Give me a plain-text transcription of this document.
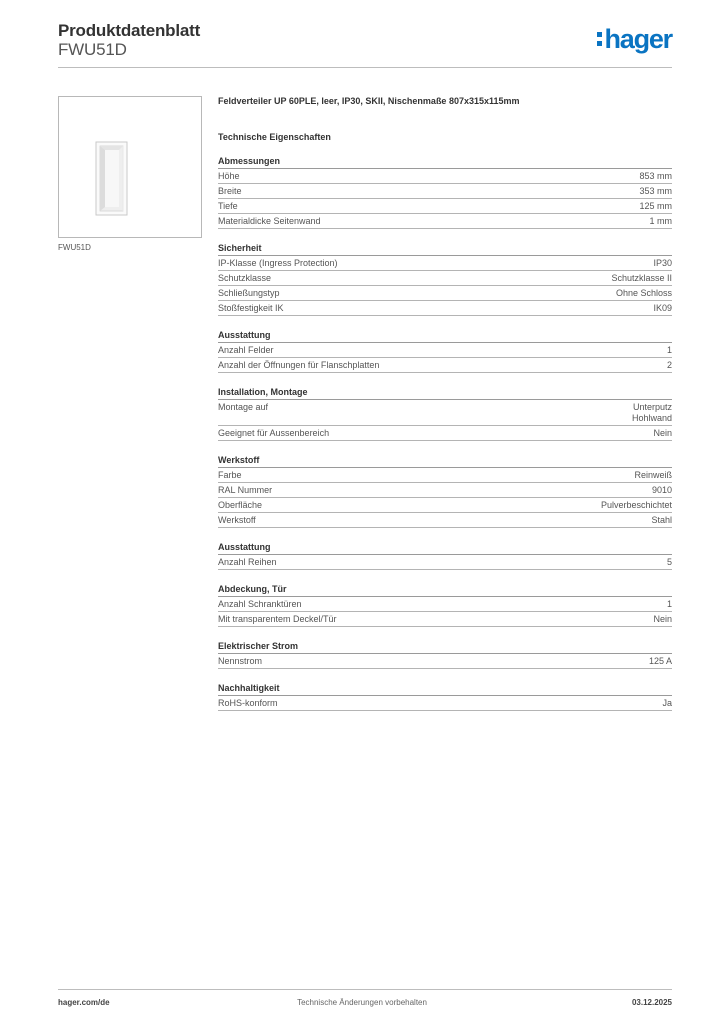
Produktdatenblatt
FWU51D	hager
FWU51D
Feldverteiler UP 60PLE, leer, IP30, SKII, Nischenmaße 807x315x115mm
Technische Eigenschaften
Abmessungen
Höhe	853 mm
Breite	353 mm
Tiefe	125 mm
Materialdicke Seitenwand	1 mm
Sicherheit
IP-Klasse (Ingress Protection)	IP30
Schutzklasse	Schutzklasse II
Schließungstyp	Ohne Schloss
Stoßfestigkeit IK	IK09
Ausstattung
Anzahl Felder	1
Anzahl der Öffnungen für Flanschplatten	2
Installation, Montage
Montage auf	Unterputz
Hohlwand
Geeignet für Aussenbereich	Nein
Werkstoff
Farbe	Reinweiß
RAL Nummer	9010
Oberfläche	Pulverbeschichtet
Werkstoff	Stahl
Ausstattung
Anzahl Reihen	5
Abdeckung, Tür
Anzahl Schranktüren	1
Mit transparentem Deckel/Tür	Nein
Elektrischer Strom
Nennstrom	125 A
Nachhaltigkeit
RoHS-konform	Ja
hager.com/de	Technische Änderungen vorbehalten	03.12.2025
